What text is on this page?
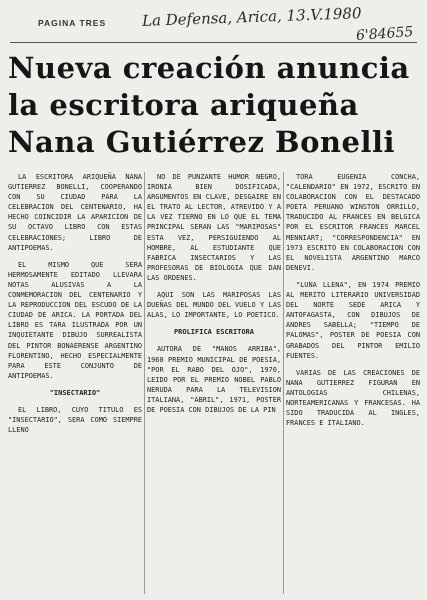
PAGINA TRES La Defensa, Arica, 13.V.1980
6'84655
Nueva creación anuncia
la escritora ariqueña
Nana Gutiérrez Bonelli

LA ESCRITORA ARIQUEÑA NANA GUTIERREZ BONELLI, COOPERANDO CON SU CIUDAD PARA LA CELEBRACION DEL CENTENARIO, HA HECHO COINCIDIR LA APARICION DE SU OCTAVO LIBRO CON ESTAS CELEBRACIONES; LIBRO DE ANTIPOEMAS.

EL MISMO QUE SERA HERMOSAMENTE EDITADO LLEVARA NOTAS ALUSIVAS A LA CONMEMORACION DEL CENTENARIO Y LA REPRODUCCION DEL ESCUDO DE LA CIUDAD DE ARICA. LA PORTADA DEL LIBRO ES TARA ILUSTRADA POR UN INQUIETANTE DIBUJO SURREALISTA DEL PINTOR BONAERENSE ARGENTINO FLORENTINO, HECHO ESPECIALMENTE PARA ESTE CONJUNTO DE ANTIPOEMAS.

"INSECTARIO"

EL LIBRO, CUYO TITULO ES "INSECTARIO", SERA COMO SIEMPRE LLENO

NO DE PUNZANTE HUMOR NEGRO, IRONIA BIEN DOSIFICADA, ARGUMENTOS EN CLAVE, DESGAIRE EN EL TRATO AL LECTOR, ATREVIDO Y A LA VEZ TIERNO EN LO QUE EL TEMA PRINCIPAL SERAN LAS "MARIPOSAS" ESTA VEZ, PERSIGUIENDO AL HOMBRE, AL ESTUDIANTE QUE FABRICA INSECTARIOS Y LAS PROFESORAS DE BIOLOGIA QUE DAN LAS ORDENES.

AQUI SON LAS MARIPOSAS LAS DUEÑAS DEL MUNDO DEL VUELO Y LAS ALAS, LO IMPORTANTE, LO POETICO.

PROLIFICA ESCRITORA

AUTORA DE "MANOS ARRIBA", 1968 PREMIO MUNICIPAL DE POESIA, "POR EL RABO DEL OJO", 1970, LEIDO POR EL PREMIO NOBEL PABLO NERUDA PARA LA TELEVISION ITALIANA, "ABRIL", 1971, POSTER DE POESIA CON DIBUJOS DE LA PIN

TORA EUGENIA CONCHA, "CALENDARIO" EN 1972, ESCRITO EN COLABORACION CON EL DESTACADO POETA PERUANO WINSTON ORRILLO, TRADUCIDO AL FRANCES EN BELGICA POR EL ESCRITOR FRANCES MARCEL MENNIART; "CORRESPONDENCIA" EN 1973 ESCRITO EN COLABORACION CON EL NOVELISTA ARGENTINO MARCO DENEVI.

"LUNA LLENA", EN 1974 PREMIO AL MERITO LITERARIO UNIVERSIDAD DEL NORTE SEDE ARICA Y ANTOFAGASTA, CON DIBUJOS DE ANDRES SABELLA; "TIEMPO DE PALOMAS", POSTER DE POESIA CON GRABADOS DEL PINTOR EMILIO FUENTES.

VARIAS DE LAS CREACIONES DE NANA GUTIERREZ FIGURAN EN ANTOLOGIAS CHILENAS, NORTEAMERICANAS Y FRANCESAS. HA SIDO TRADUCIDA AL INGLES, FRANCES E ITALIANO.
